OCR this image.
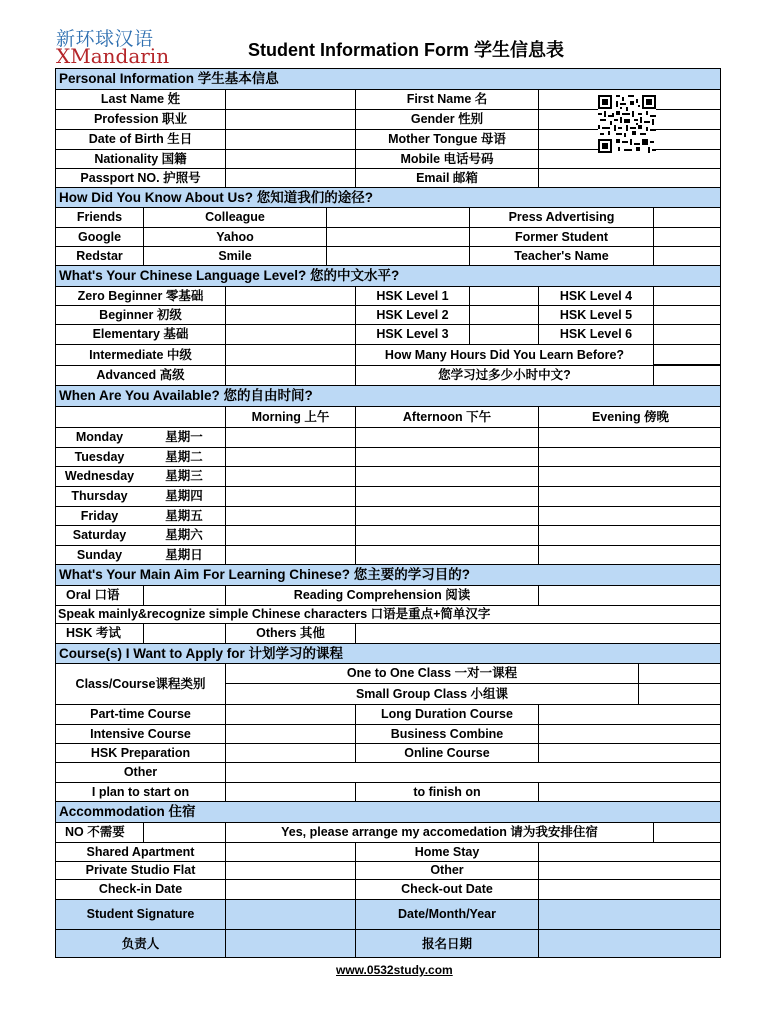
新环球汉语
XMandarin	Student Information Form 学生信息表
Personal Information 学生基本信息
Last Name 姓	First Name 名
Profession 职业	Gender 性别
Date of Birth 生日	Mother Tongue 母语
Nationality 国籍	Mobile 电话号码
Passport NO. 护照号	Email 邮箱
How Did You Know About Us? 您知道我们的途径?
Friends	Colleague	Press Advertising
Google	Yahoo	Former Student
Redstar	Smile	Teacher's Name
What's Your Chinese Language Level? 您的中文水平?
Zero Beginner 零基础	HSK Level 1	HSK Level 4
Beginner 初级	HSK Level 2	HSK Level 5
Elementary 基础	HSK Level 3	HSK Level 6
Intermediate 中级	How Many Hours Did You Learn Before?
Advanced 高级	您学习过多少小时中文?
When Are You Available? 您的自由时间?
Morning 上午	Afternoon 下午	Evening 傍晚
Monday	星期一
Tuesday	星期二
Wednesday	星期三
Thursday	星期四
Friday	星期五
Saturday	星期六
Sunday	星期日
What's Your Main Aim For Learning Chinese? 您主要的学习目的?
Oral 口语	Reading Comprehension 阅读
Speak mainly&recognize simple Chinese characters 口语是重点+简单汉字
HSK 考试	Others 其他
Course(s) I Want to Apply for 计划学习的课程
Class/Course课程类别
One to One Class 一对一课程
Small Group Class 小组课
Part-time Course	Long Duration Course
Intensive Course	Business Combine
HSK Preparation	Online Course
Other
I plan to start on	to finish on
Accommodation 住宿
NO 不需要	Yes, please arrange my accomedation 请为我安排住宿
Shared Apartment	Home Stay
Private Studio Flat	Other
Check-in Date	Check-out Date
Student Signature	Date/Month/Year
负责人	报名日期
www.0532study.com
